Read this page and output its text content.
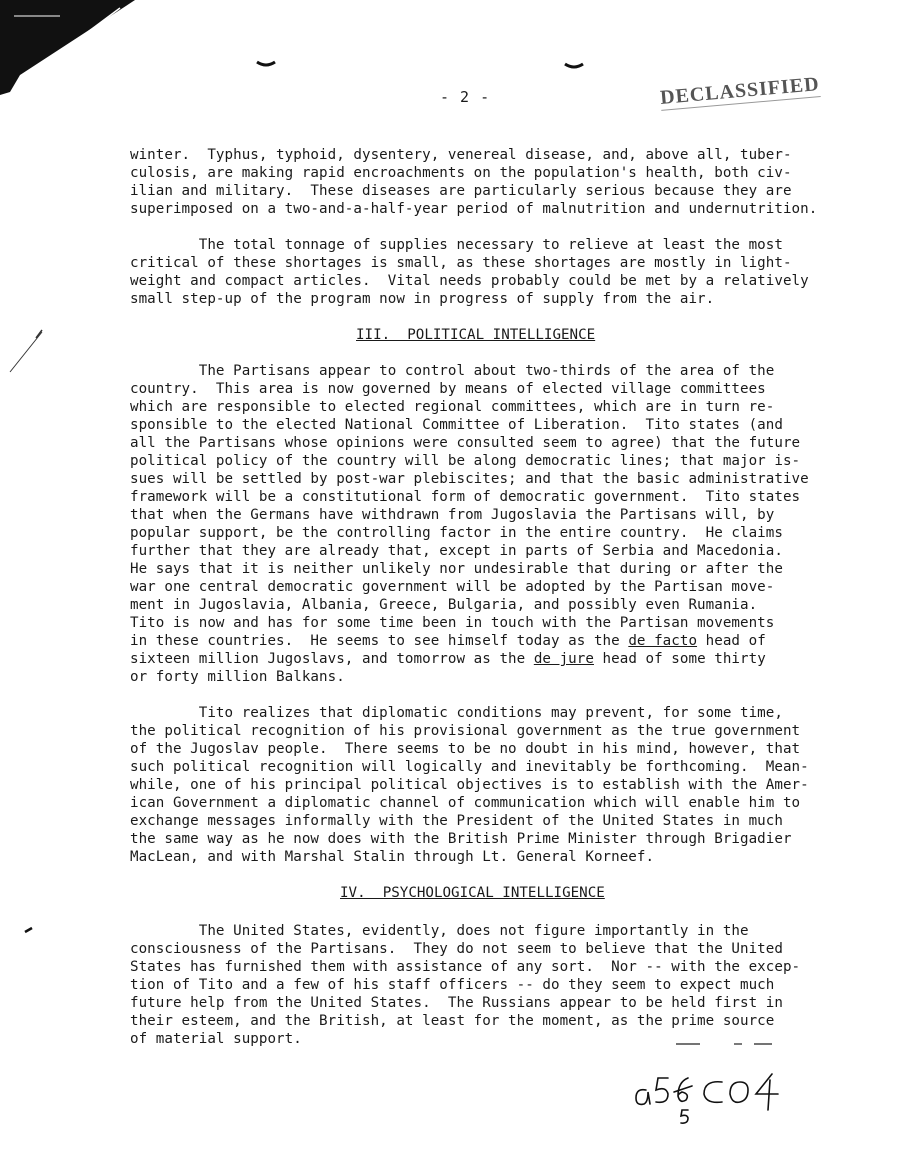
- 2 -	DECLASSIFIED
winter.  Typhus, typhoid, dysentery, venereal disease, and, above all, tuber-
culosis, are making rapid encroachments on the population's health, both civ-
ilian and military.  These diseases are particularly serious because they are
superimposed on a two-and-a-half-year period of malnutrition and undernutrition.
The total tonnage of supplies necessary to relieve at least the most
critical of these shortages is small, as these shortages are mostly in light-
weight and compact articles.  Vital needs probably could be met by a relatively
small step-up of the program now in progress of supply from the air.
III.  POLITICAL INTELLIGENCE
The Partisans appear to control about two-thirds of the area of the
country.  This area is now governed by means of elected village committees
which are responsible to elected regional committees, which are in turn re-
sponsible to the elected National Committee of Liberation.  Tito states (and
all the Partisans whose opinions were consulted seem to agree) that the future
political policy of the country will be along democratic lines; that major is-
sues will be settled by post-war plebiscites; and that the basic administrative
framework will be a constitutional form of democratic government.  Tito states
that when the Germans have withdrawn from Jugoslavia the Partisans will, by
popular support, be the controlling factor in the entire country.  He claims
further that they are already that, except in parts of Serbia and Macedonia.
He says that it is neither unlikely nor undesirable that during or after the
war one central democratic government will be adopted by the Partisan move-
ment in Jugoslavia, Albania, Greece, Bulgaria, and possibly even Rumania.
Tito is now and has for some time been in touch with the Partisan movements
in these countries.  He seems to see himself today as the de facto head of
sixteen million Jugoslavs, and tomorrow as the de jure head of some thirty
or forty million Balkans.
Tito realizes that diplomatic conditions may prevent, for some time,
the political recognition of his provisional government as the true government
of the Jugoslav people.  There seems to be no doubt in his mind, however, that
such political recognition will logically and inevitably be forthcoming.  Mean-
while, one of his principal political objectives is to establish with the Amer-
ican Government a diplomatic channel of communication which will enable him to
exchange messages informally with the President of the United States in much
the same way as he now does with the British Prime Minister through Brigadier
MacLean, and with Marshal Stalin through Lt. General Korneef.
IV.  PSYCHOLOGICAL INTELLIGENCE
The United States, evidently, does not figure importantly in the
consciousness of the Partisans.  They do not seem to believe that the United
States has furnished them with assistance of any sort.  Nor -- with the excep-
tion of Tito and a few of his staff officers -- do they seem to expect much
future help from the United States.  The Russians appear to be held first in
their esteem, and the British, at least for the moment, as the prime source
of material support.
